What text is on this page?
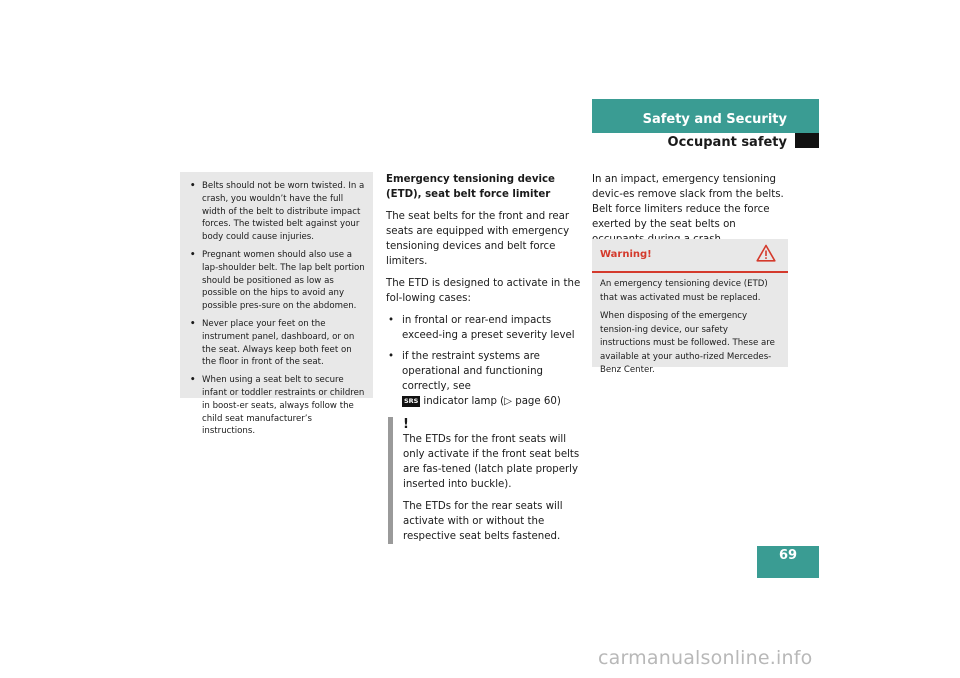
Safety and Security
Occupant safety
• Belts should not be worn twisted. In a crash, you wouldn’t have the full width of the belt to distribute impact forces. The twisted belt against your body could cause injuries.
• Pregnant women should also use a lap-shoulder belt. The lap belt portion should be positioned as low as possible on the hips to avoid any possible pres-sure on the abdomen.
• Never place your feet on the instrument panel, dashboard, or on the seat. Always keep both feet on the floor in front of the seat.
• When using a seat belt to secure infant or toddler restraints or children in boost-er seats, always follow the child seat manufacturer’s instructions.
Emergency tensioning device (ETD), seat belt force limiter

The seat belts for the front and rear seats are equipped with emergency tensioning devices and belt force limiters.

The ETD is designed to activate in the fol-lowing cases:

• in frontal or rear-end impacts exceed-ing a preset severity level
• if the restraint systems are operational and functioning correctly, see
SRS indicator lamp (▷ page 60)
!

The ETDs for the front seats will only activate if the front seat belts are fas-tened (latch plate properly inserted into buckle).

The ETDs for the rear seats will activate with or without the respective seat belts fastened.

In an impact, emergency tensioning devic-es remove slack from the belts. Belt force limiters reduce the force exerted by the seat belts on

Warning!

An emergency tensioning device (ETD) that was activated must be replaced.

When disposing of the emergency tension-ing device, our safety instructions must be followed. These are available at your autho-rized Mercedes-Benz Center.

69
carmanualsonline.info
